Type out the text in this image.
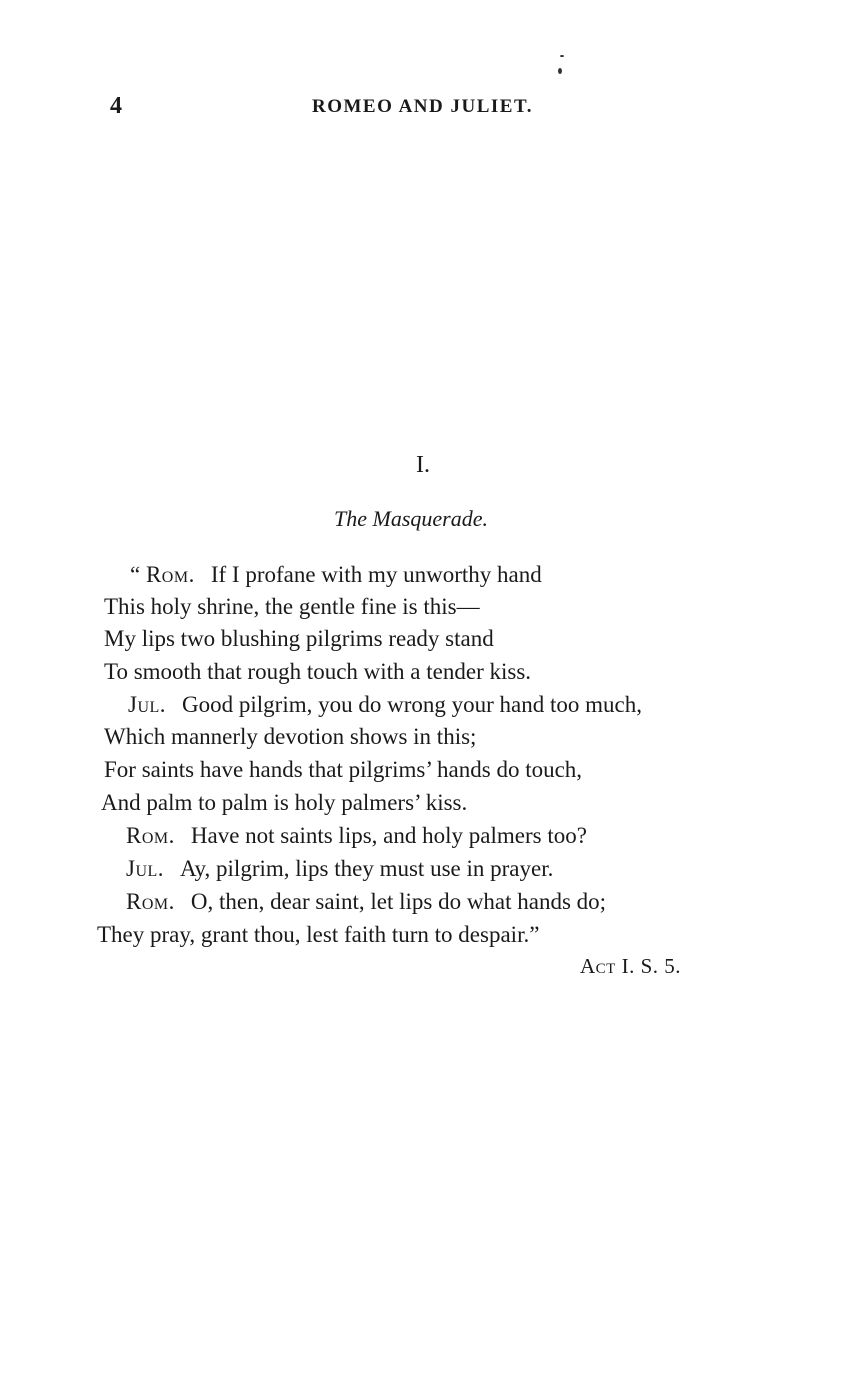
4	ROMEO AND JULIET.
I.
The Masquerade.
“ Rom. If I profane with my unworthy hand
This holy shrine, the gentle fine is this—
My lips two blushing pilgrims ready stand
To smooth that rough touch with a tender kiss.
Jul. Good pilgrim, you do wrong your hand too much,
Which mannerly devotion shows in this;
For saints have hands that pilgrims’ hands do touch,
And palm to palm is holy palmers’ kiss.
Rom. Have not saints lips, and holy palmers too?
Jul. Ay, pilgrim, lips they must use in prayer.
Rom. O, then, dear saint, let lips do what hands do;
They pray, grant thou, lest faith turn to despair.”
Act I. S. 5.
